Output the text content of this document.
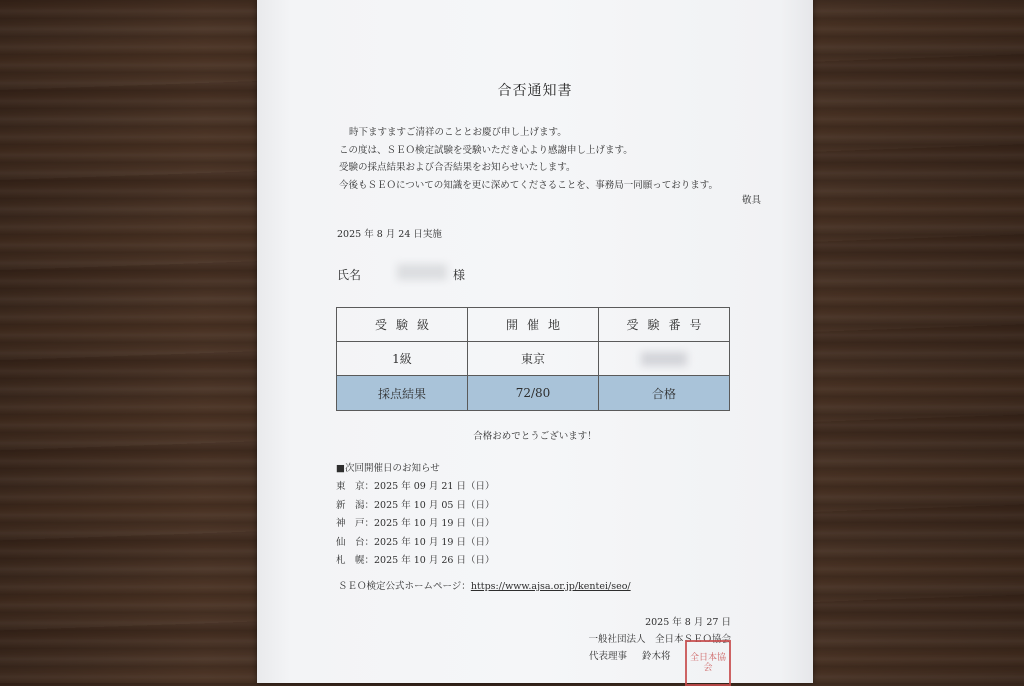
合否通知書
時下ますますご清祥のこととお慶び申し上げます。
この度は、ＳＥＯ検定試験を受験いただき心より感謝申し上げます。
受験の採点結果および合否結果をお知らせいたします。
今後もＳＥＯについての知識を更に深めてくださることを、事務局一同願っております。
敬具
2025 年 8 月 24 日実施
氏名	様
受験級	開催地	受験番号
1級	東京	
採点結果	72/80	合格
合格おめでとうございます！
■次回開催日のお知らせ
東　京：2025 年 09 月 21 日（日）
新　潟：2025 年 10 月 05 日（日）
神　戸：2025 年 10 月 19 日（日）
仙　台：2025 年 10 月 19 日（日）
札　幌：2025 年 10 月 26 日（日）
ＳＥＯ検定公式ホームページ：https://www.ajsa.or.jp/kentei/seo/
2025 年 8 月 27 日
一般社団法人　全日本ＳＥＯ協会
代表理事 鈴木将	全日本協会
